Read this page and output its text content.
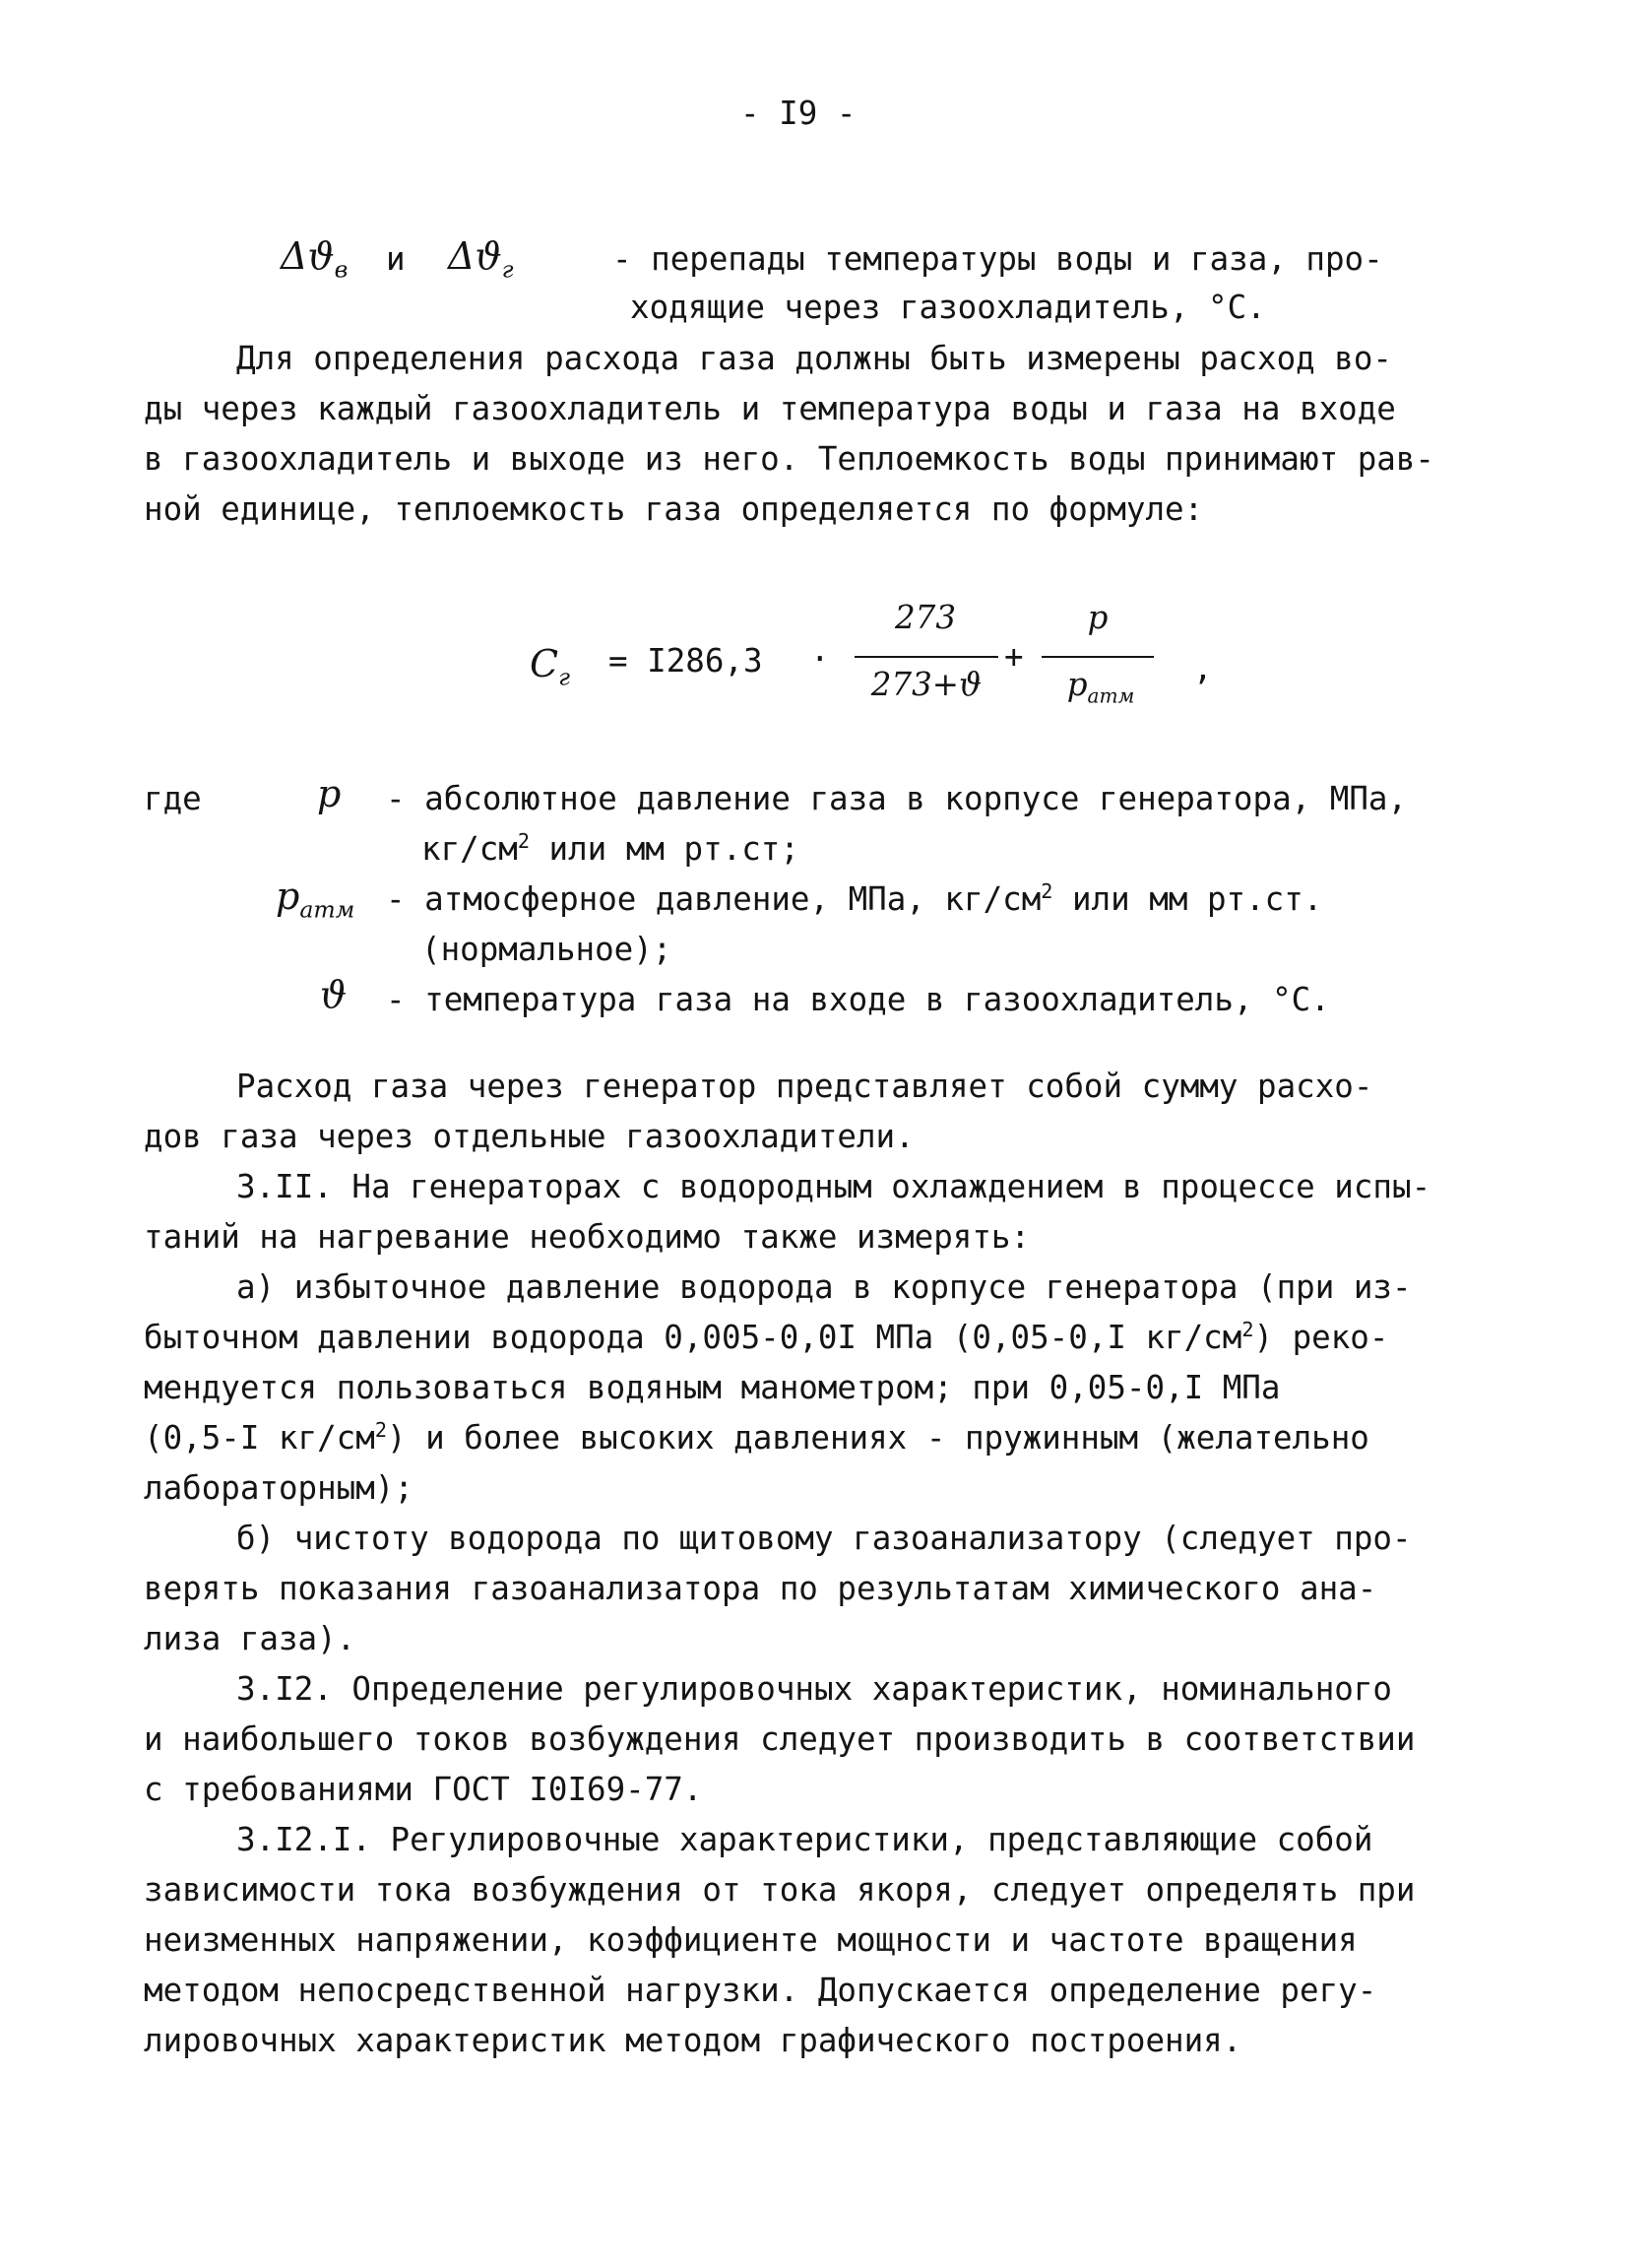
- I9 -
$\Delta ϑ_в$ и $\Delta ϑ_г$	- перепады температуры воды и газа, про-
ходящие через газоохладитель, °С.
Для определения расхода газа должны быть измерены расход во-
ды через каждый газоохладитель и температура воды и газа на входе
в газоохладитель и выходе из него. Теплоемкость воды принимают рав-
ной единице, теплоемкость газа определяется по формуле:
$C_г = I286,3$ ·
273
273+ϑ
+
p
$p_{атм}$
,
где	p - абсолютное давление газа в корпусе генератора, МПа,
$кг/см^2$ или мм рт.ст;
$p_{атм}$ - атмосферное давление, МПа, $кг/см^2$ или мм рт.ст.
(нормальное);
ϑ - температура газа на входе в газоохладитель, °С.
Расход газа через генератор представляет собой сумму расхо-
дов газа через отдельные газоохладители.
3.II. На генераторах с водородным охлаждением в процессе испы-
таний на нагревание необходимо также измерять:
а) избыточное давление водорода в корпусе генератора (при из-
быточном давлении водорода 0,005-0,0I МПа (0,05-0,I $кг/см^2$) реко-
мендуется пользоваться водяным манометром; при 0,05-0,I МПа
(0,5-I $кг/см^2$) и более высоких давлениях - пружинным (желательно
лабораторным);
б) чистоту водорода по щитовому газоанализатору (следует про-
верять показания газоанализатора по результатам химического ана-
лиза газа).
3.I2. Определение регулировочных характеристик, номинального
и наибольшего токов возбуждения следует производить в соответствии
с требованиями ГОСТ I0I69-77.
3.I2.I. Регулировочные характеристики, представляющие собой
зависимости тока возбуждения от тока якоря, следует определять при
неизменных напряжении, коэффициенте мощности и частоте вращения
методом непосредственной нагрузки. Допускается определение регу-
лировочных характеристик методом графического построения.
